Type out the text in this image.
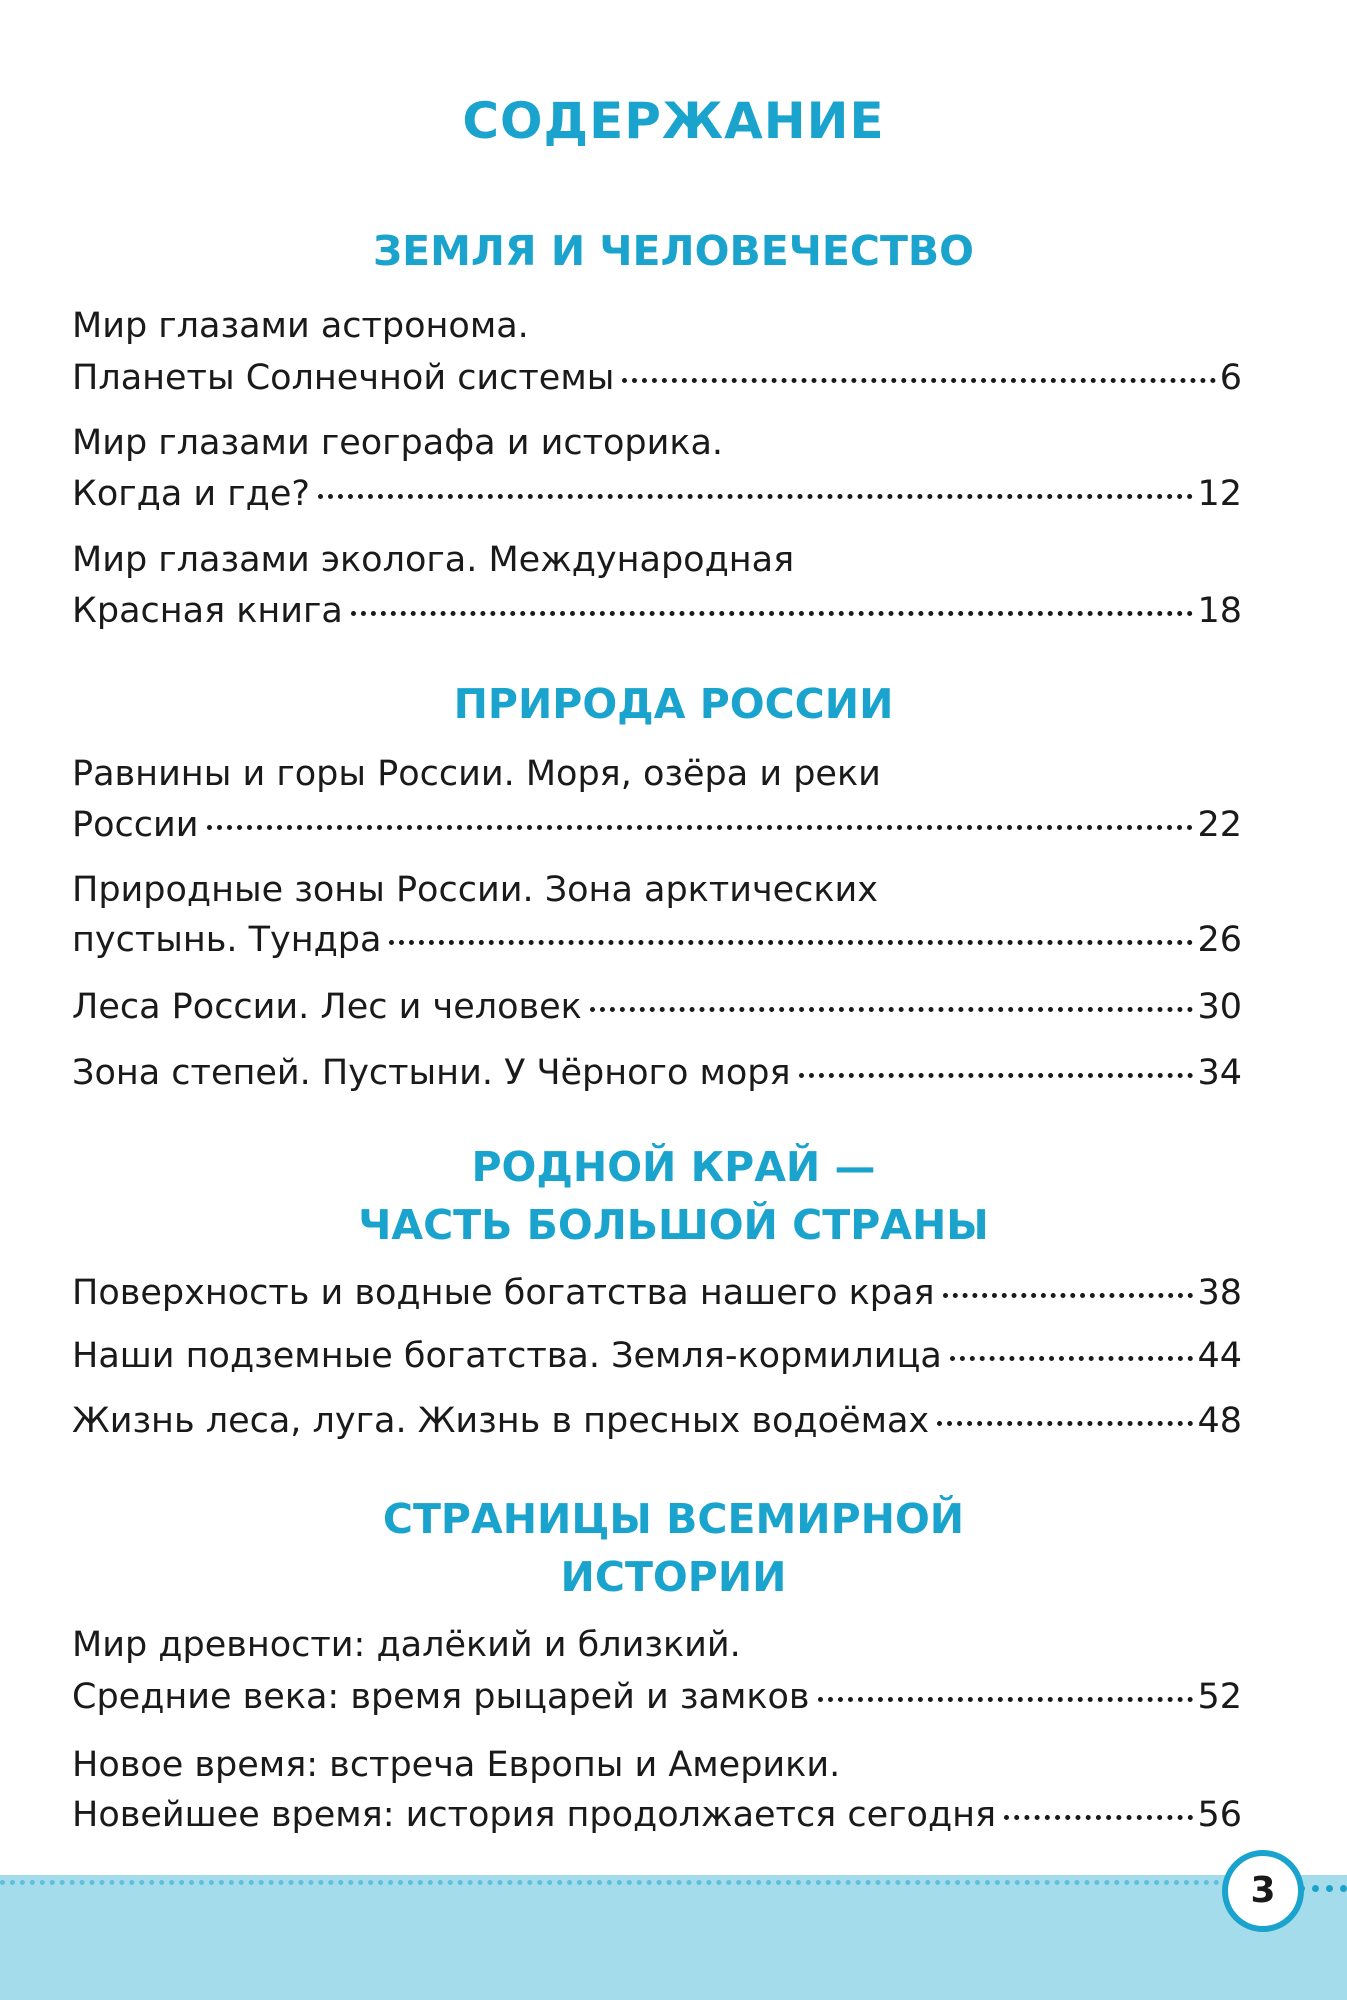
СОДЕРЖАНИЕ
ЗЕМЛЯ И ЧЕЛОВЕЧЕСТВО
Мир глазами астронома.
Планеты Солнечной системы	6
Мир глазами географа и историка.
Когда и где?	12
Мир глазами эколога. Международная
Красная книга	18
ПРИРОДА РОССИИ
Равнины и горы России. Моря, озёра и реки
России	22
Природные зоны России. Зона арктических
пустынь. Тундра	26
Леса России. Лес и человек	30
Зона степей. Пустыни. У Чёрного моря	34
РОДНОЙ КРАЙ —
ЧАСТЬ БОЛЬШОЙ СТРАНЫ
Поверхность и водные богатства нашего края	38
Наши подземные богатства. Земля-кормилица	44
Жизнь леса, луга. Жизнь в пресных водоёмах	48
СТРАНИЦЫ ВСЕМИРНОЙ
ИСТОРИИ
Мир древности: далёкий и близкий.
Средние века: время рыцарей и замков	52
Новое время: встреча Европы и Америки.
Новейшее время: история продолжается сегодня	56
3
